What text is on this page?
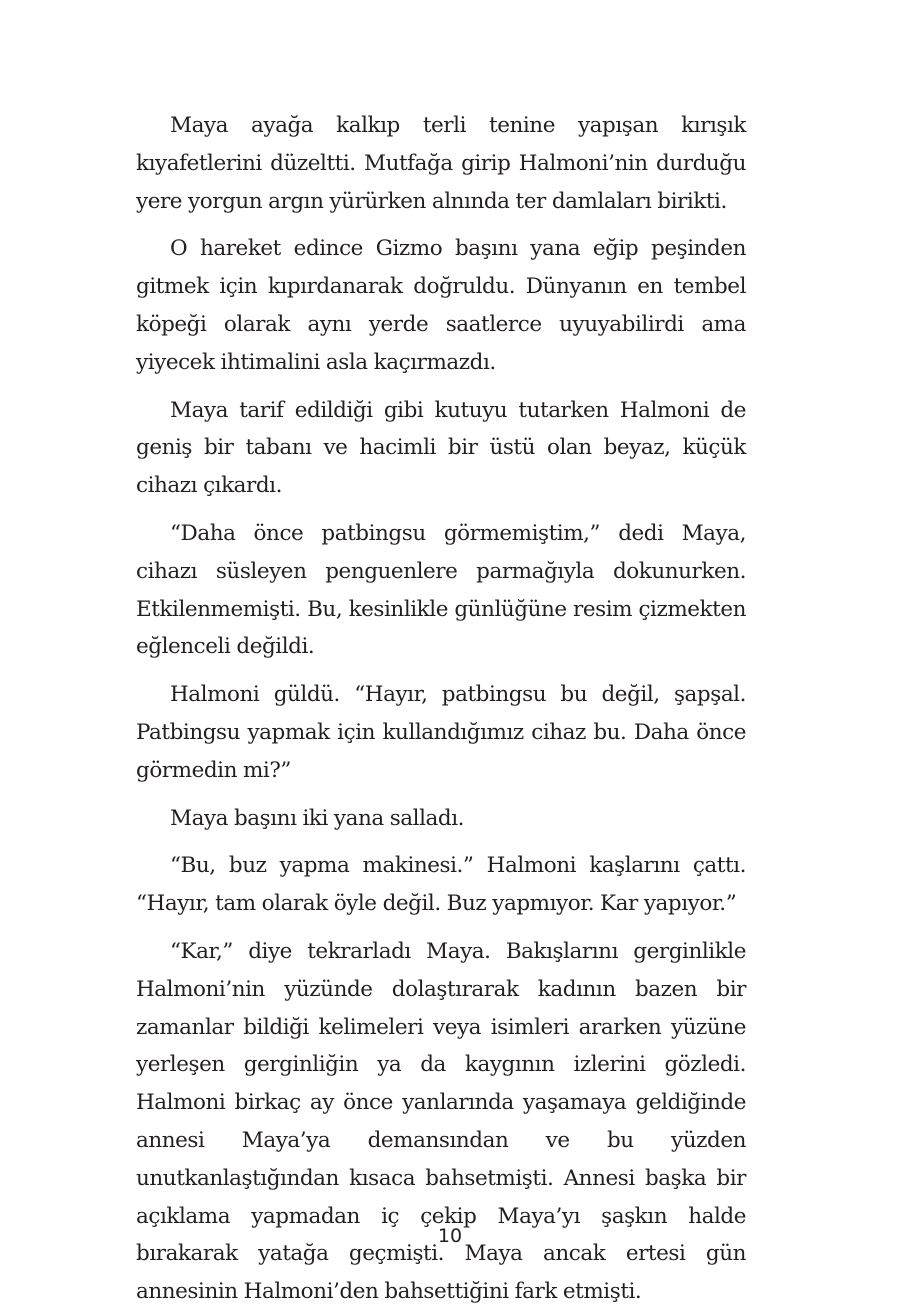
Maya ayağa kalkıp terli tenine yapışan kırışık kıyafetlerini düzeltti. Mutfağa girip Halmoni’nin durduğu yere yorgun argın yürürken alnında ter damlaları birikti.

O hareket edince Gizmo başını yana eğip peşinden gitmek için kıpırdanarak doğruldu. Dünyanın en tembel köpeği olarak aynı yerde saatlerce uyuyabilirdi ama yiyecek ihtimalini asla kaçırmazdı.

Maya tarif edildiği gibi kutuyu tutarken Halmoni de geniş bir tabanı ve hacimli bir üstü olan beyaz, küçük cihazı çıkardı.

“Daha önce patbingsu görmemiştim,” dedi Maya, cihazı süsleyen penguenlere parmağıyla dokunurken. Etkilenmemişti. Bu, kesinlikle günlüğüne resim çizmekten eğlenceli değildi.

Halmoni güldü. “Hayır, patbingsu bu değil, şapşal. Patbingsu yapmak için kullandığımız cihaz bu. Daha önce görmedin mi?”

Maya başını iki yana salladı.

“Bu, buz yapma makinesi.” Halmoni kaşlarını çattı. “Hayır, tam olarak öyle değil. Buz yapmıyor. Kar yapıyor.”

“Kar,” diye tekrarladı Maya. Bakışlarını gerginlikle Halmoni’nin yüzünde dolaştırarak kadının bazen bir zamanlar bildiği kelimeleri veya isimleri ararken yüzüne yerleşen gerginliğin ya da kaygının izlerini gözledi. Halmoni birkaç ay önce yanlarında yaşamaya geldiğinde annesi Maya’ya demansından ve bu yüzden unutkanlaştığından kısaca bahsetmişti. Annesi başka bir açıklama yapmadan iç çekip Maya’yı şaşkın halde bırakarak yatağa geçmişti. Maya ancak ertesi gün annesinin Halmoni’den bahsettiğini fark etmişti.

10
